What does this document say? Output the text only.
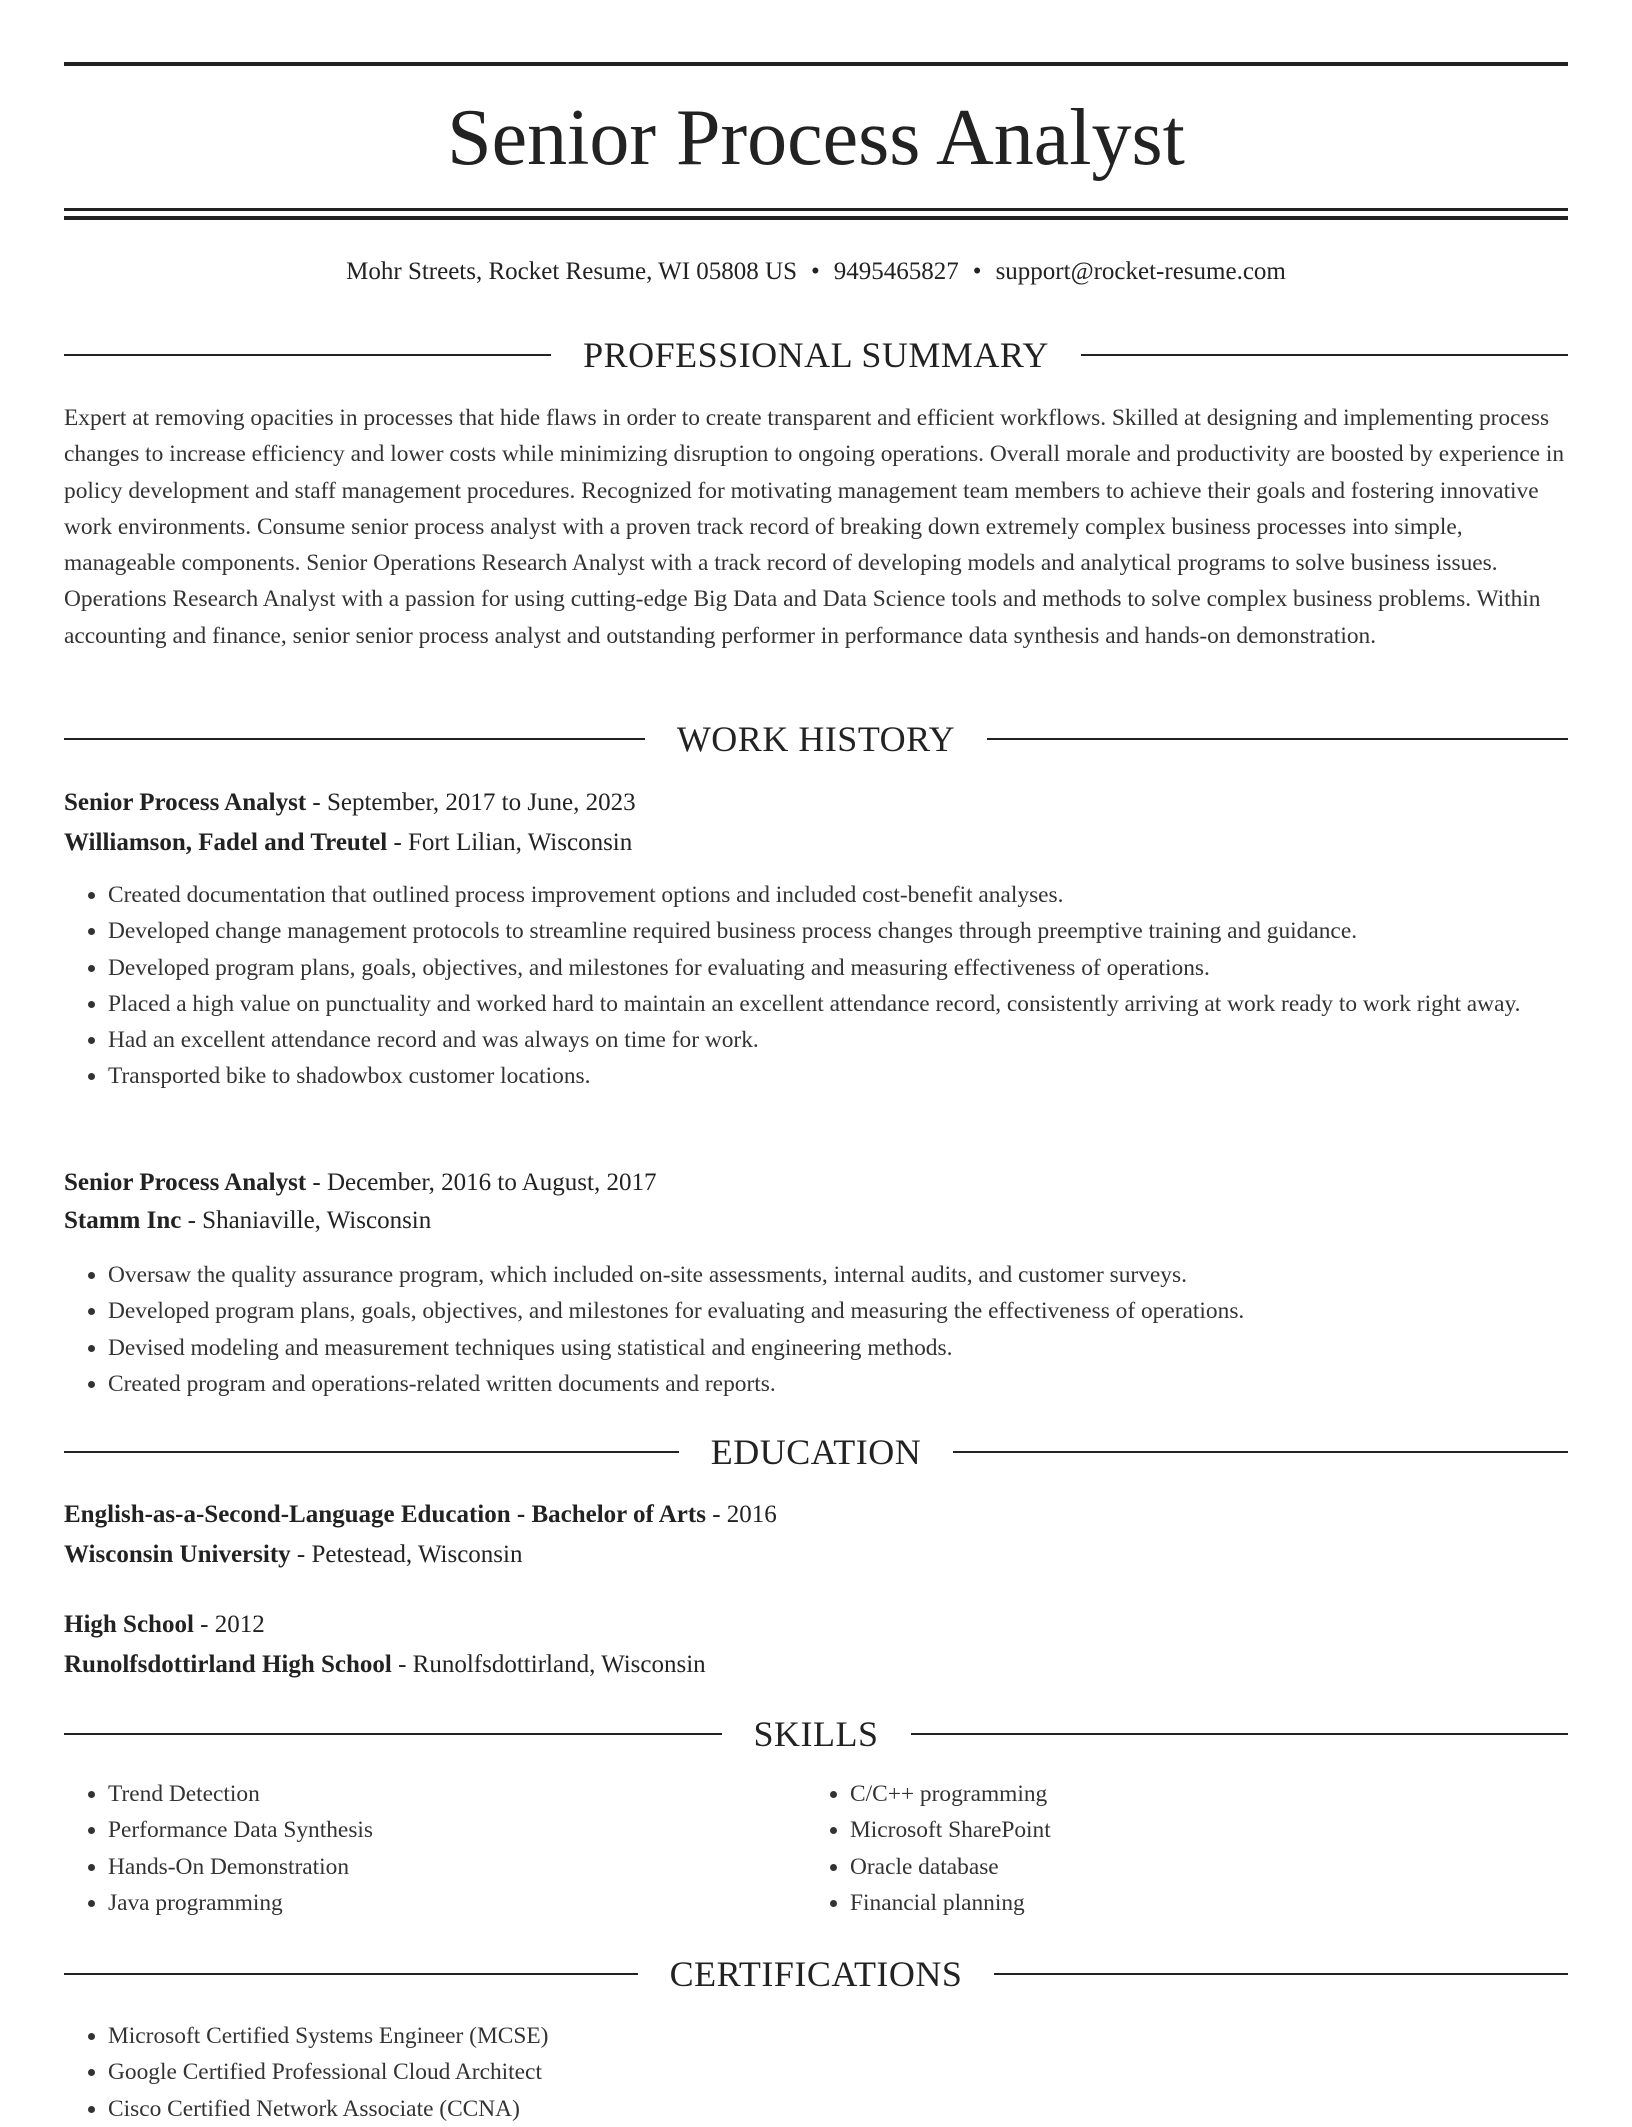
Senior Process Analyst
Mohr Streets, Rocket Resume, WI 05808 US • 9495465827 • support@rocket-resume.com
PROFESSIONAL SUMMARY

Expert at removing opacities in processes that hide flaws in order to create transparent and efficient workflows. Skilled at designing and implementing process changes to increase efficiency and lower costs while minimizing disruption to ongoing operations. Overall morale and productivity are boosted by experience in policy development and staff management procedures. Recognized for motivating management team members to achieve their goals and fostering innovative work environments. Consume senior process analyst with a proven track record of breaking down extremely complex business processes into simple, manageable components. Senior Operations Research Analyst with a track record of developing models and analytical programs to solve business issues. Operations Research Analyst with a passion for using cutting-edge Big Data and Data Science tools and methods to solve complex business problems. Within accounting and finance, senior senior process analyst and outstanding performer in performance data synthesis and hands-on demonstration.

WORK HISTORY
Senior Process Analyst - September, 2017 to June, 2023
Williamson, Fadel and Treutel - Fort Lilian, Wisconsin
• Created documentation that outlined process improvement options and included cost-benefit analyses.
• Developed change management protocols to streamline required business process changes through preemptive training and guidance.
• Developed program plans, goals, objectives, and milestones for evaluating and measuring effectiveness of operations.
• Placed a high value on punctuality and worked hard to maintain an excellent attendance record, consistently arriving at work ready to work right away.
• Had an excellent attendance record and was always on time for work.
• Transported bike to shadowbox customer locations.
Senior Process Analyst - December, 2016 to August, 2017
Stamm Inc - Shaniaville, Wisconsin
• Oversaw the quality assurance program, which included on-site assessments, internal audits, and customer surveys.
• Developed program plans, goals, objectives, and milestones for evaluating and measuring the effectiveness of operations.
• Devised modeling and measurement techniques using statistical and engineering methods.
• Created program and operations-related written documents and reports.
EDUCATION
English-as-a-Second-Language Education - Bachelor of Arts - 2016
Wisconsin University - Petestead, Wisconsin
High School - 2012
Runolfsdottirland High School - Runolfsdottirland, Wisconsin
SKILLS
• Trend Detection
• Performance Data Synthesis
• Hands-On Demonstration
• Java programming
• C/C++ programming
• Microsoft SharePoint
• Oracle database
• Financial planning
CERTIFICATIONS
• Microsoft Certified Systems Engineer (MCSE)
• Google Certified Professional Cloud Architect
• Cisco Certified Network Associate (CCNA)
